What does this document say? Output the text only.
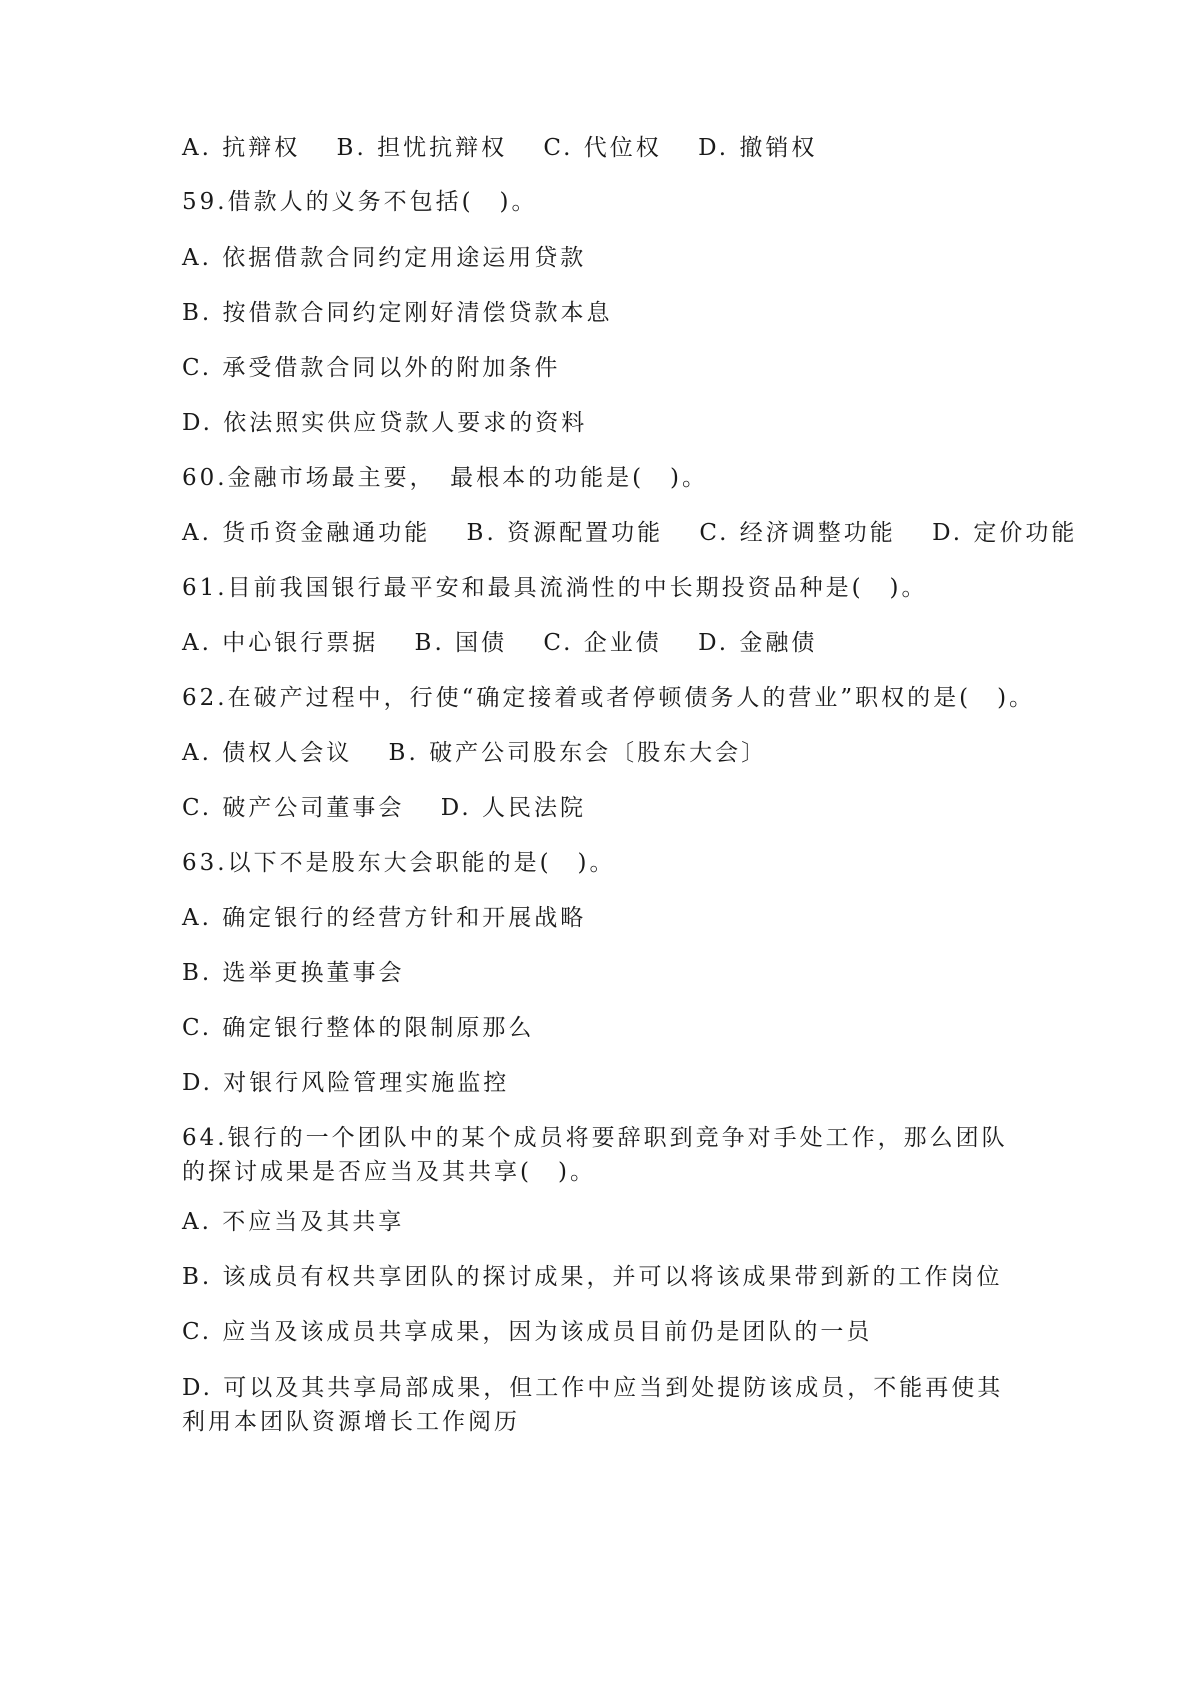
A. 抗辩权 B. 担忧抗辩权 C. 代位权 D. 撤销权
59.借款人的义务不包括(　)。
A. 依据借款合同约定用途运用贷款
B. 按借款合同约定刚好清偿贷款本息
C. 承受借款合同以外的附加条件
D. 依法照实供应贷款人要求的资料
60.金融市场最主要，　最根本的功能是(　)。
A. 货币资金融通功能 B. 资源配置功能 C. 经济调整功能 D. 定价功能
61.目前我国银行最平安和最具流淌性的中长期投资品种是(　)。
A. 中心银行票据 B. 国债 C. 企业债 D. 金融债
62.在破产过程中，行使“确定接着或者停顿债务人的营业”职权的是(　)。
A. 债权人会议 B. 破产公司股东会〔股东大会〕
C. 破产公司董事会 D. 人民法院
63.以下不是股东大会职能的是(　)。
A. 确定银行的经营方针和开展战略
B. 选举更换董事会
C. 确定银行整体的限制原那么
D. 对银行风险管理实施监控
64.银行的一个团队中的某个成员将要辞职到竞争对手处工作，那么团队的探讨成果是否应当及其共享(　)。
A. 不应当及其共享
B. 该成员有权共享团队的探讨成果，并可以将该成果带到新的工作岗位
C. 应当及该成员共享成果，因为该成员目前仍是团队的一员
D. 可以及其共享局部成果，但工作中应当到处提防该成员，不能再使其利用本团队资源增长工作阅历
